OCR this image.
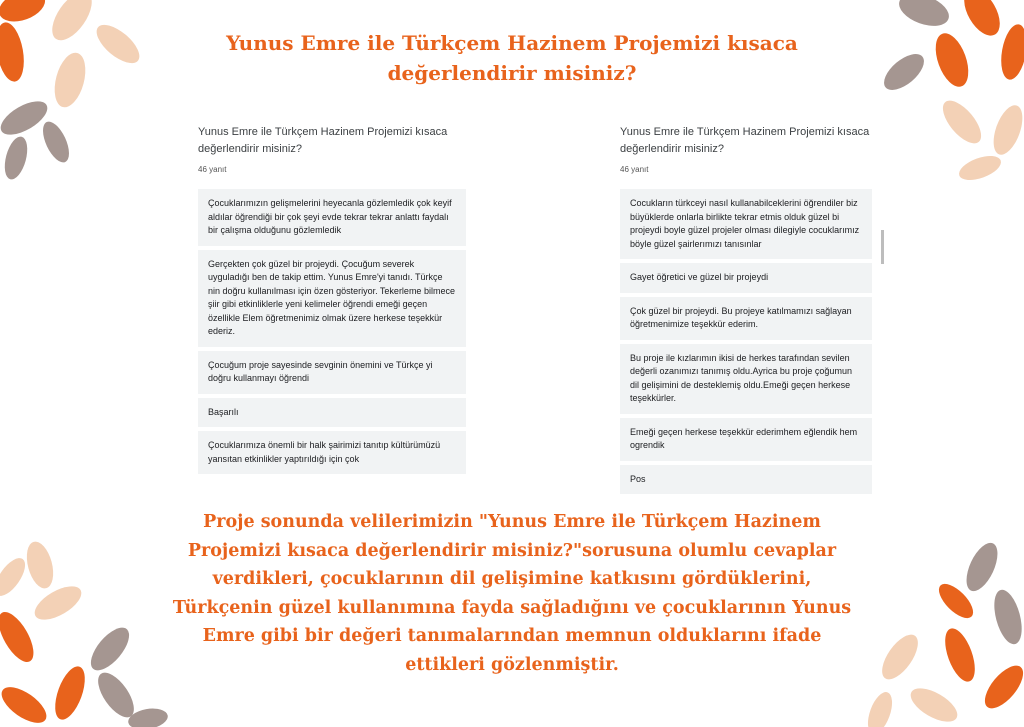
Yunus Emre ile Türkçem Hazinem Projemizi kısaca değerlendirir misiniz?
Yunus Emre ile Türkçem Hazinem Projemizi kısaca değerlendirir misiniz?
46 yanıt
Çocuklarımızın gelişmelerini heyecanla gözlemledik çok keyif aldılar öğrendiği bir çok şeyi evde tekrar tekrar anlattı faydalı bir çalışma olduğunu gözlemledik
Gerçekten çok güzel bir projeydi. Çocuğum severek uyguladığı ben de takip ettim. Yunus Emre'yi tanıdı. Türkçe nin doğru kullanılması için özen gösteriyor. Tekerleme bilmece şiir gibi etkinliklerle yeni kelimeler öğrendi emeği geçen özellikle Elem öğretmenimiz olmak üzere herkese teşekkür ederiz.
Çocuğum proje sayesinde sevginin önemini ve Türkçe yi doğru kullanmayı öğrendi
Başarılı
Çocuklarımıza önemli bir halk şairimizi tanıtıp kültürümüzü yansıtan etkinlikler yaptırıldığı için çok
Yunus Emre ile Türkçem Hazinem Projemizi kısaca değerlendirir misiniz?
46 yanıt
Cocukların türkceyi nasıl kullanabilceklerini öğrendiler biz büyüklerde onlarla birlikte tekrar etmis olduk güzel bi projeydi boyle güzel projeler olması dilegiyle cocuklarımız böyle güzel şairlerımızı tanısınlar
Gayet öğretici ve güzel bir projeydi
Çok güzel bir projeydi. Bu projeye katılmamızı sağlayan öğretmenimize teşekkür ederim.
Bu proje ile kızlarımın ikisi de herkes tarafından sevilen değerli ozanımızı tanımış oldu.Ayrica bu proje çoğumun dil gelişimini de desteklemiş oldu.Emeği geçen herkese teşekkürler.
Emeği geçen herkese teşekkür ederimhem eğlendik hem ogrendik
Pos
Proje sonunda velilerimizin "Yunus Emre ile Türkçem Hazinem Projemizi kısaca değerlendirir misiniz?"sorusuna olumlu cevaplar verdikleri, çocuklarının dil gelişimine katkısını gördüklerini, Türkçenin güzel kullanımına fayda sağladığını ve çocuklarının Yunus Emre gibi bir değeri tanımalarından memnun olduklarını ifade ettikleri gözlenmiştir.
